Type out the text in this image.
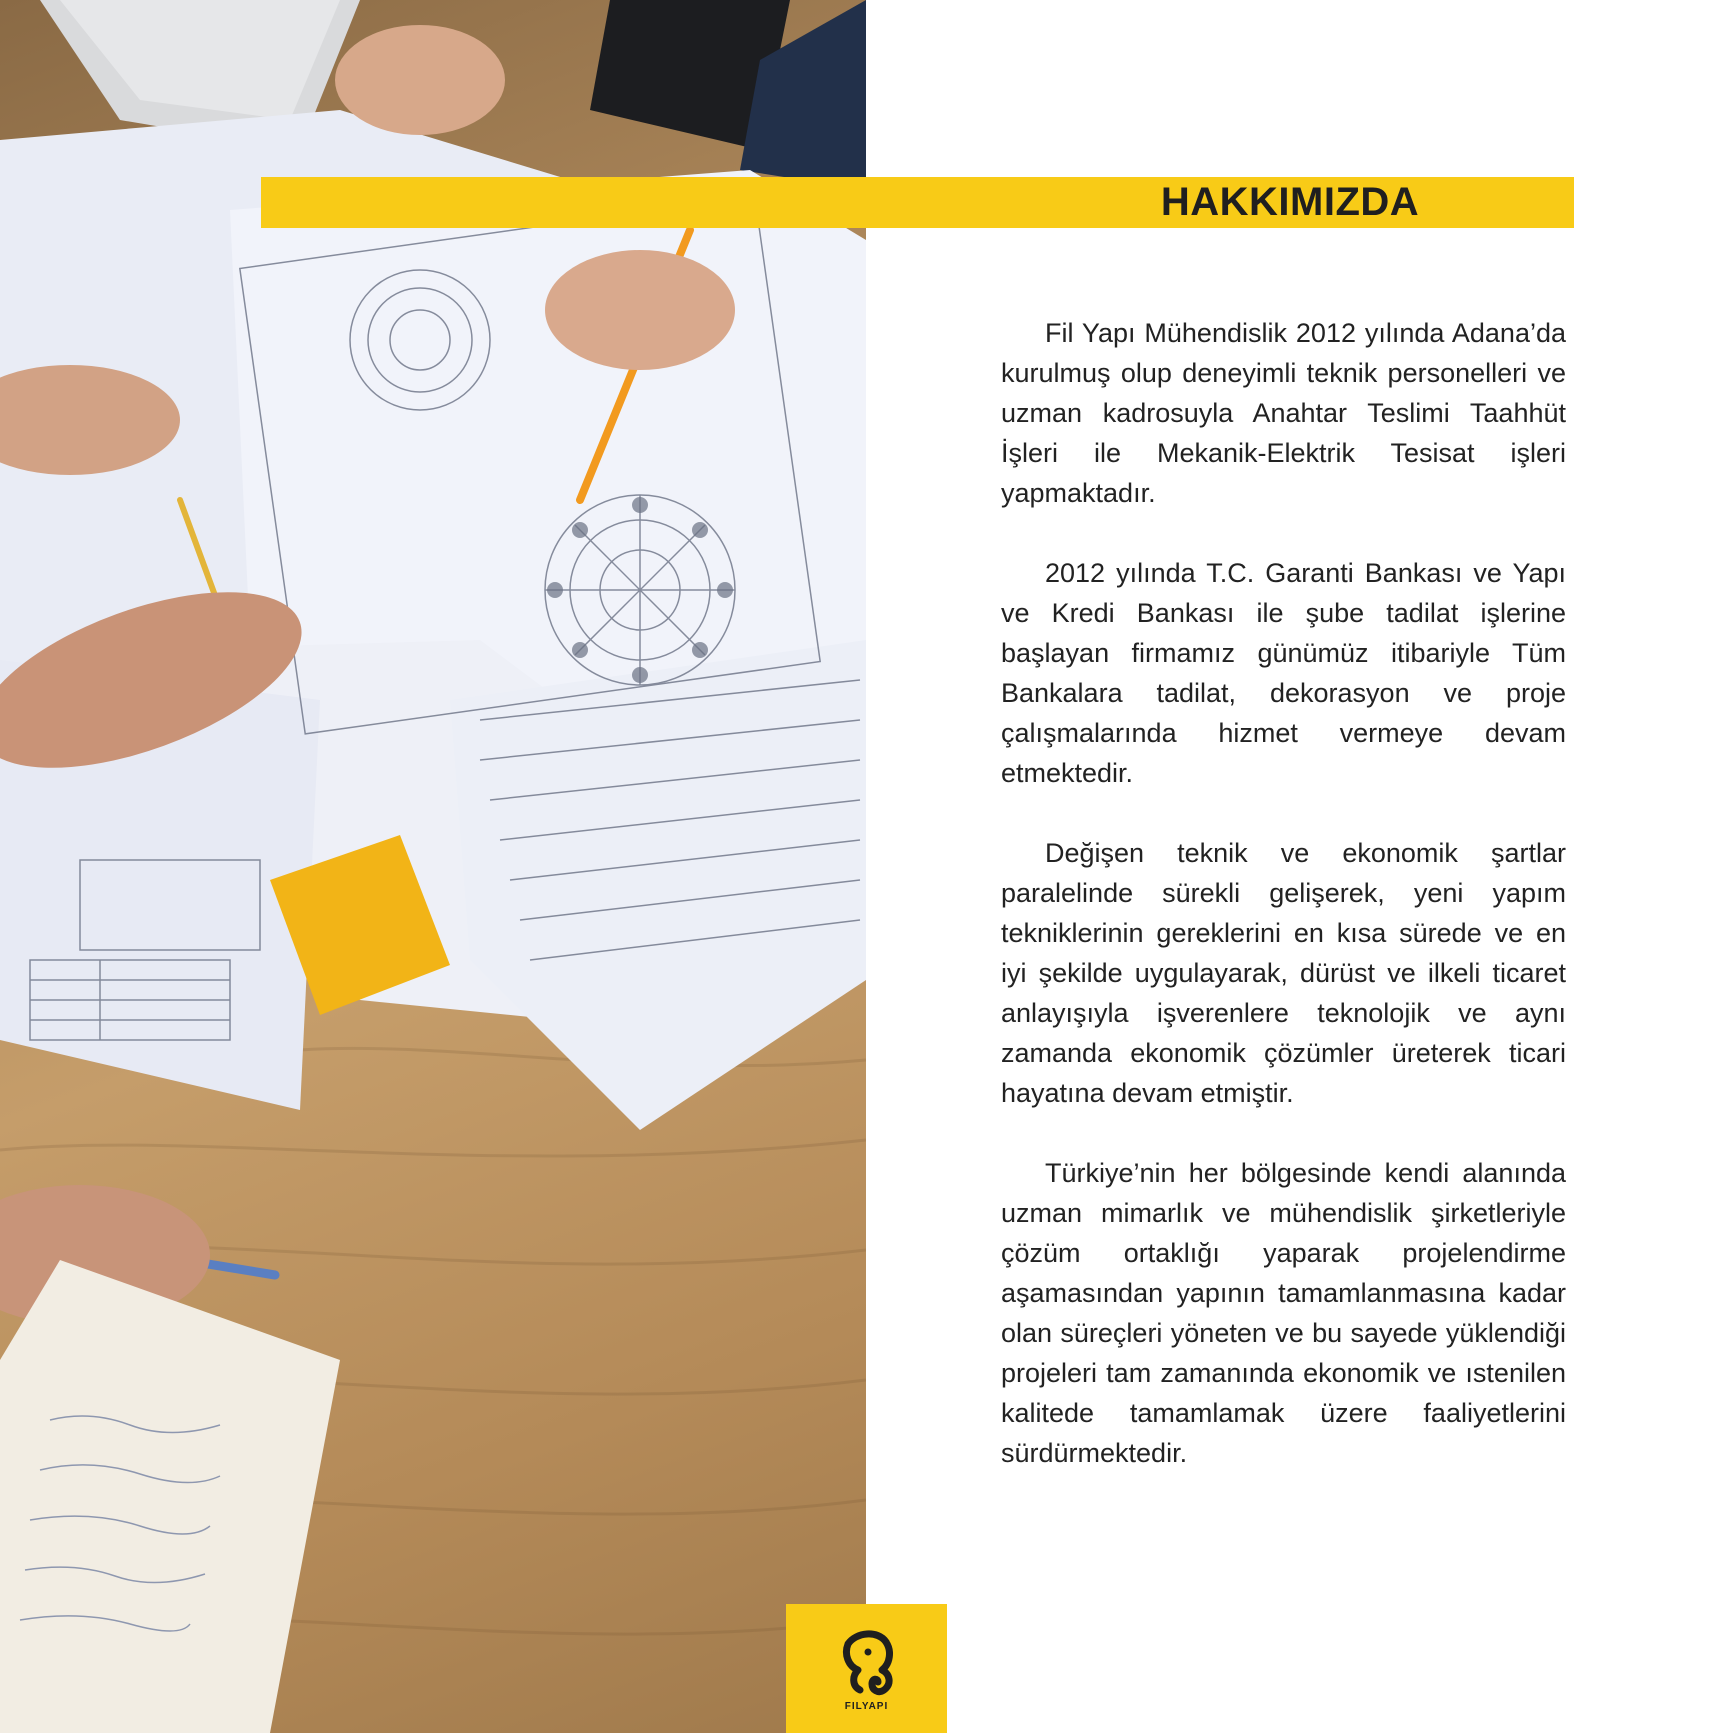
HAKKIMIZDA

Fil Yapı Mühendislik 2012 yılında Adana’da kurulmuş olup deneyimli teknik personelleri ve uzman kadrosuyla Anahtar Teslimi Taahhüt İşleri ile Mekanik-Elektrik Tesisat işleri yapmaktadır.

2012 yılında T.C. Garanti Bankası ve Yapı ve Kredi Bankası ile şube tadilat işlerine başlayan firmamız günümüz itibariyle Tüm Bankalara tadilat, dekorasyon ve proje çalışmalarında hizmet vermeye devam etmektedir.

Değişen teknik ve ekonomik şartlar paralelinde sürekli gelişerek, yeni yapım tekniklerinin gereklerini en kısa sürede ve en iyi şekilde uygulayarak, dürüst ve ilkeli ticaret anlayışıyla işverenlere teknolojik ve aynı zamanda ekonomik çözümler üreterek ticari hayatına devam etmiştir.

Türkiye’nin her bölgesinde kendi alanında uzman mimarlık ve mühendislik şirketleriyle çözüm ortaklığı yaparak projelendirme aşamasından yapının tamamlanmasına kadar olan süreçleri yöneten ve bu sayede yüklendiği projeleri tam zamanında ekonomik ve ıstenilen kalitede tamamlamak üzere faaliyetlerini sürdürmektedir.

FILYAPI
